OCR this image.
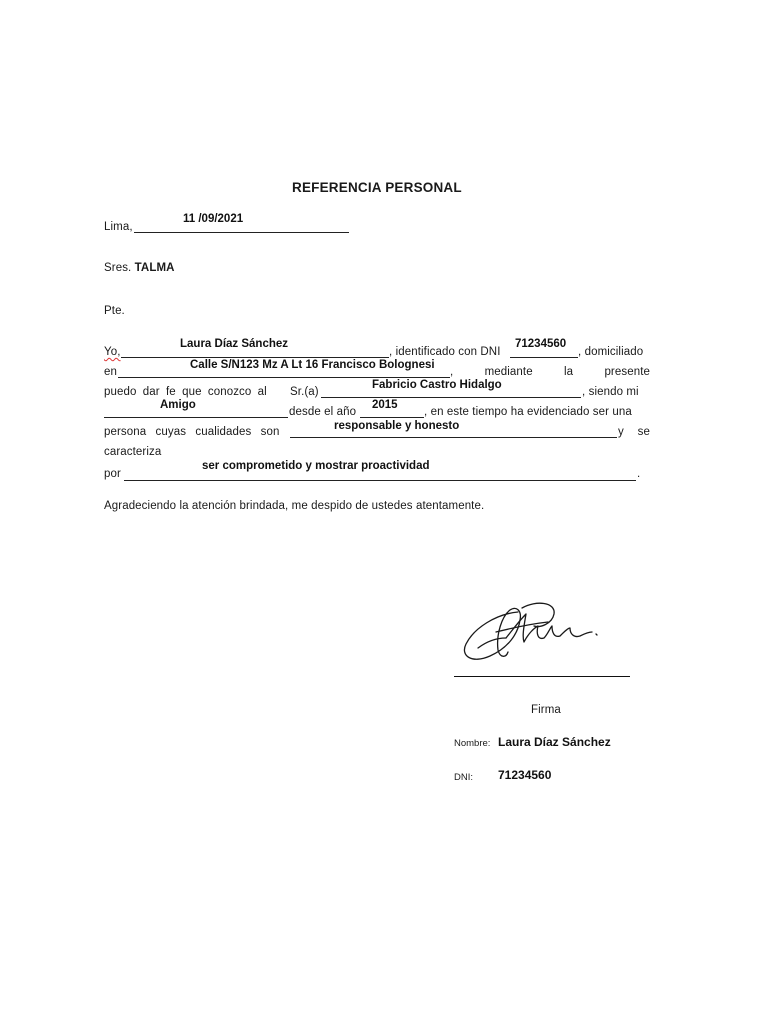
REFERENCIA PERSONAL
Lima,
11 /09/2021
Sres. TALMA
Pte.
Yo,
Laura Díaz Sánchez
, identificado con DNI
71234560
, domiciliado
en
Calle S/N123 Mz A Lt 16 Francisco Bolognesi
, mediante la presente
puedo dar fe que conozco al Sr.(a)
Fabricio Castro Hidalgo
, siendo mi
Amigo
desde el año
2015
, en este tiempo ha evidenciado ser una
persona cuyas cualidades son	responsable y honesto	y se
caracteriza
por
ser comprometido y mostrar proactividad
.
Agradeciendo la atención brindada, me despido de ustedes atentamente.
Firma
Nombre: Laura Díaz Sánchez
DNI: 71234560
